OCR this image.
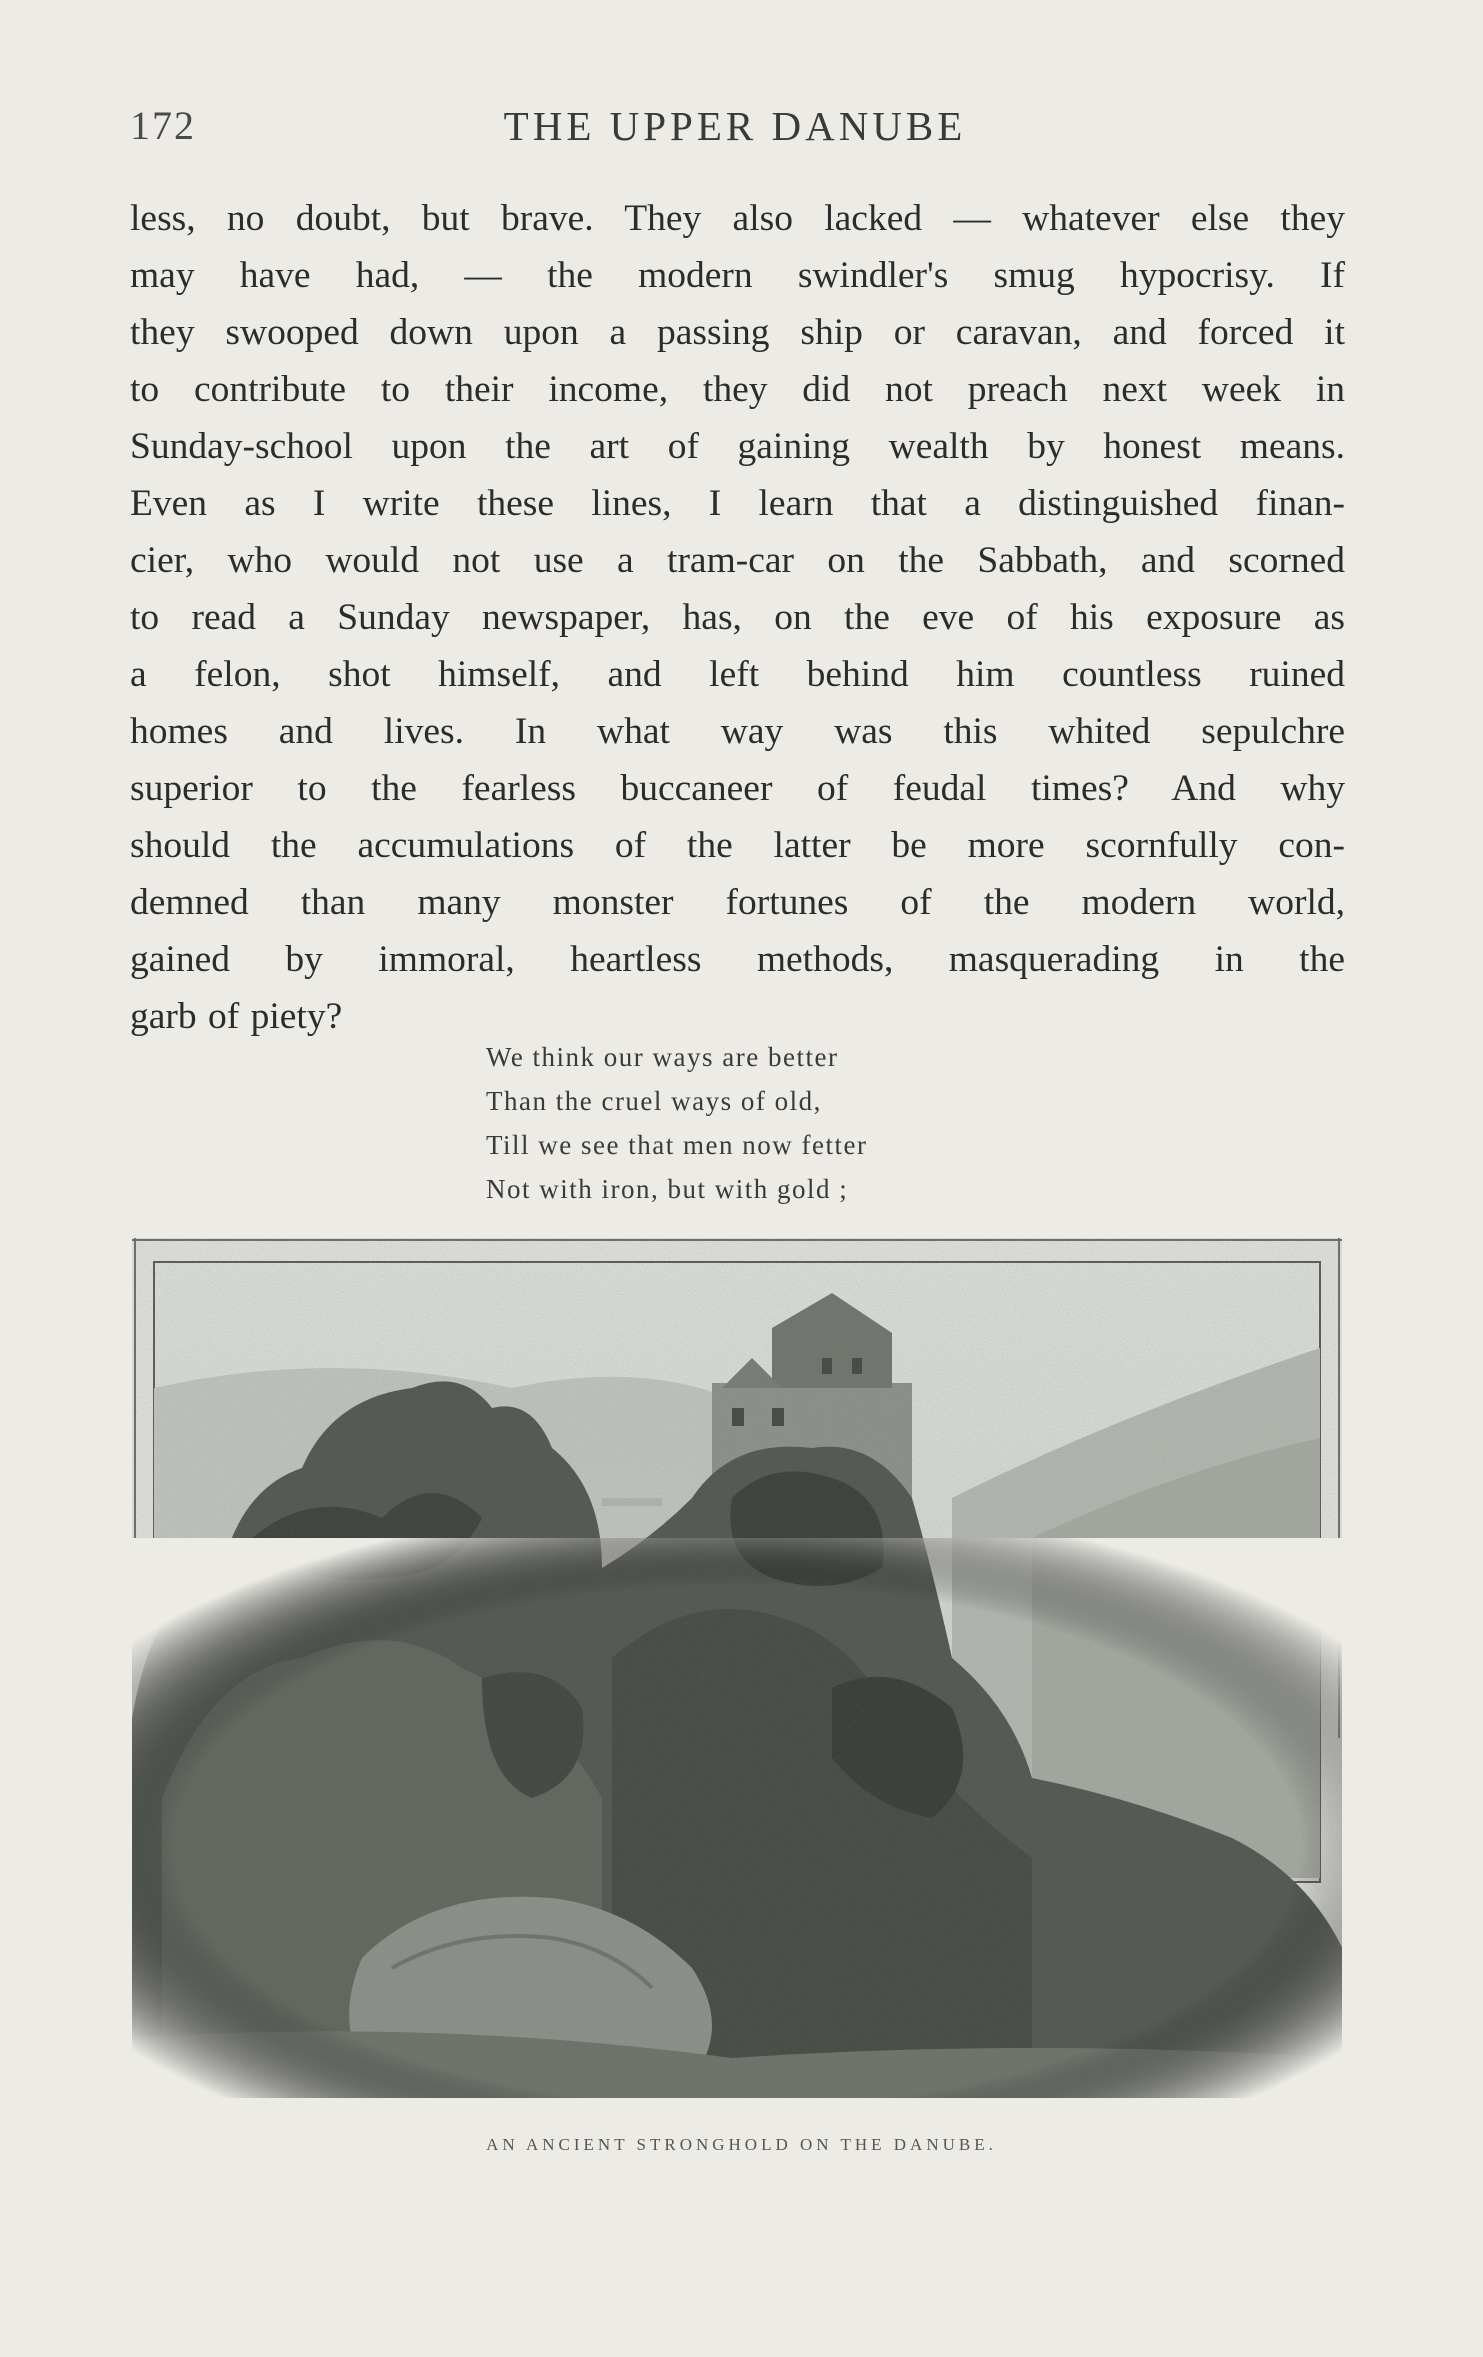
172	THE UPPER DANUBE
less, no doubt, but brave. They also lacked — whatever else they
may have had, — the modern swindler's smug hypocrisy. If
they swooped down upon a passing ship or caravan, and forced it
to contribute to their income, they did not preach next week in
Sunday-school upon the art of gaining wealth by honest means.
Even as I write these lines, I learn that a distinguished finan-
cier, who would not use a tram-car on the Sabbath, and scorned
to read a Sunday newspaper, has, on the eve of his exposure as
a felon, shot himself, and left behind him countless ruined
homes and lives. In what way was this whited sepulchre
superior to the fearless buccaneer of feudal times? And why
should the accumulations of the latter be more scornfully con-
demned than many monster fortunes of the modern world,
gained by immoral, heartless methods, masquerading in the
garb of piety?
We think our ways are better
Than the cruel ways of old,
Till we see that men now fetter
Not with iron, but with gold ;
AN ANCIENT STRONGHOLD ON THE DANUBE.
